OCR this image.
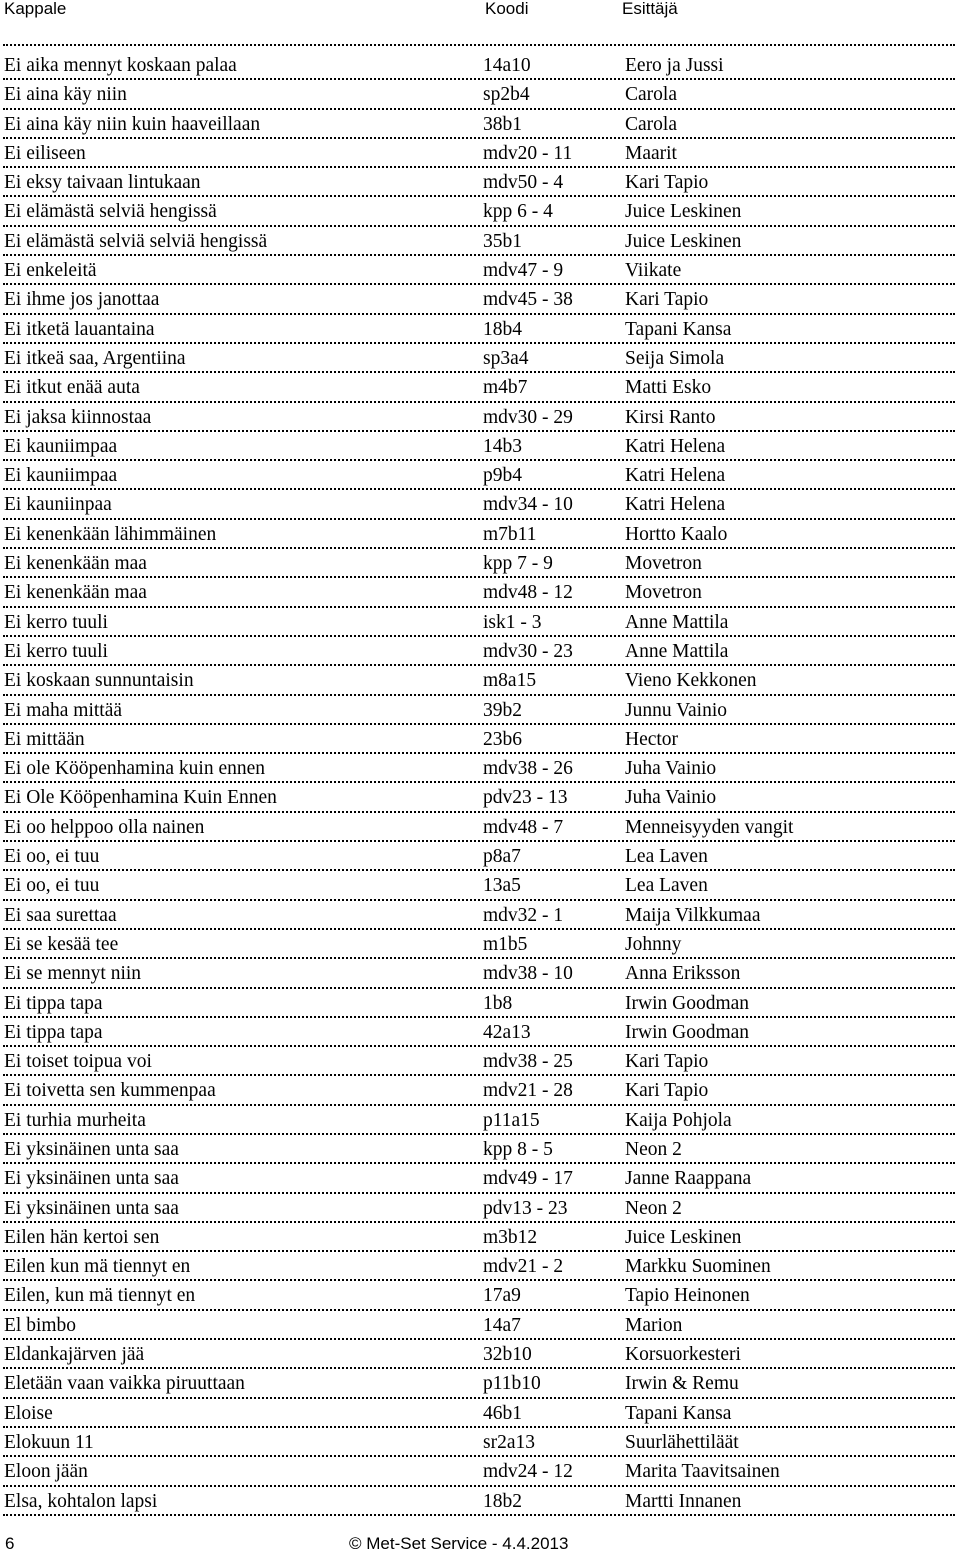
Kappale	Koodi	Esittäjä
Ei aika mennyt koskaan palaa	14a10	Eero ja Jussi
Ei aina käy niin	sp2b4	Carola
Ei aina käy niin kuin haaveillaan	38b1	Carola
Ei eiliseen	mdv20 - 11	Maarit
Ei eksy taivaan lintukaan	mdv50 - 4	Kari Tapio
Ei elämästä selviä hengissä	kpp 6 - 4	Juice Leskinen
Ei elämästä selviä selviä hengissä	35b1	Juice Leskinen
Ei enkeleitä	mdv47 - 9	Viikate
Ei ihme jos janottaa	mdv45 - 38	Kari Tapio
Ei itketä lauantaina	18b4	Tapani Kansa
Ei itkeä saa, Argentiina	sp3a4	Seija Simola
Ei itkut enää auta	m4b7	Matti Esko
Ei jaksa kiinnostaa	mdv30 - 29	Kirsi Ranto
Ei kauniimpaa	14b3	Katri Helena
Ei kauniimpaa	p9b4	Katri Helena
Ei kauniinpaa	mdv34 - 10	Katri Helena
Ei kenenkään lähimmäinen	m7b11	Hortto Kaalo
Ei kenenkään maa	kpp 7 - 9	Movetron
Ei kenenkään maa	mdv48 - 12	Movetron
Ei kerro tuuli	isk1 - 3	Anne Mattila
Ei kerro tuuli	mdv30 - 23	Anne Mattila
Ei koskaan sunnuntaisin	m8a15	Vieno Kekkonen
Ei maha mittää	39b2	Junnu Vainio
Ei mittään	23b6	Hector
Ei ole Kööpenhamina kuin ennen	mdv38 - 26	Juha Vainio
Ei Ole Kööpenhamina Kuin Ennen	pdv23 - 13	Juha Vainio
Ei oo helppoo olla nainen	mdv48 - 7	Menneisyyden vangit
Ei oo, ei tuu	p8a7	Lea Laven
Ei oo, ei tuu	13a5	Lea Laven
Ei saa surettaa	mdv32 - 1	Maija Vilkkumaa
Ei se kesää tee	m1b5	Johnny
Ei se mennyt niin	mdv38 - 10	Anna Eriksson
Ei tippa tapa	1b8	Irwin Goodman
Ei tippa tapa	42a13	Irwin Goodman
Ei toiset toipua voi	mdv38 - 25	Kari Tapio
Ei toivetta sen kummenpaa	mdv21 - 28	Kari Tapio
Ei turhia murheita	p11a15	Kaija Pohjola
Ei yksinäinen unta saa	kpp 8 - 5	Neon 2
Ei yksinäinen unta saa	mdv49 - 17	Janne Raappana
Ei yksinäinen unta saa	pdv13 - 23	Neon 2
Eilen hän kertoi sen	m3b12	Juice Leskinen
Eilen kun mä tiennyt en	mdv21 - 2	Markku Suominen
Eilen, kun mä tiennyt en	17a9	Tapio Heinonen
El bimbo	14a7	Marion
Eldankajärven jää	32b10	Korsuorkesteri
Eletään vaan vaikka piruuttaan	p11b10	Irwin & Remu
Eloise	46b1	Tapani Kansa
Elokuun 11	sr2a13	Suurlähettiläät
Eloon jään	mdv24 - 12	Marita Taavitsainen
Elsa, kohtalon lapsi	18b2	Martti Innanen
6	© Met-Set Service - 4.4.2013
